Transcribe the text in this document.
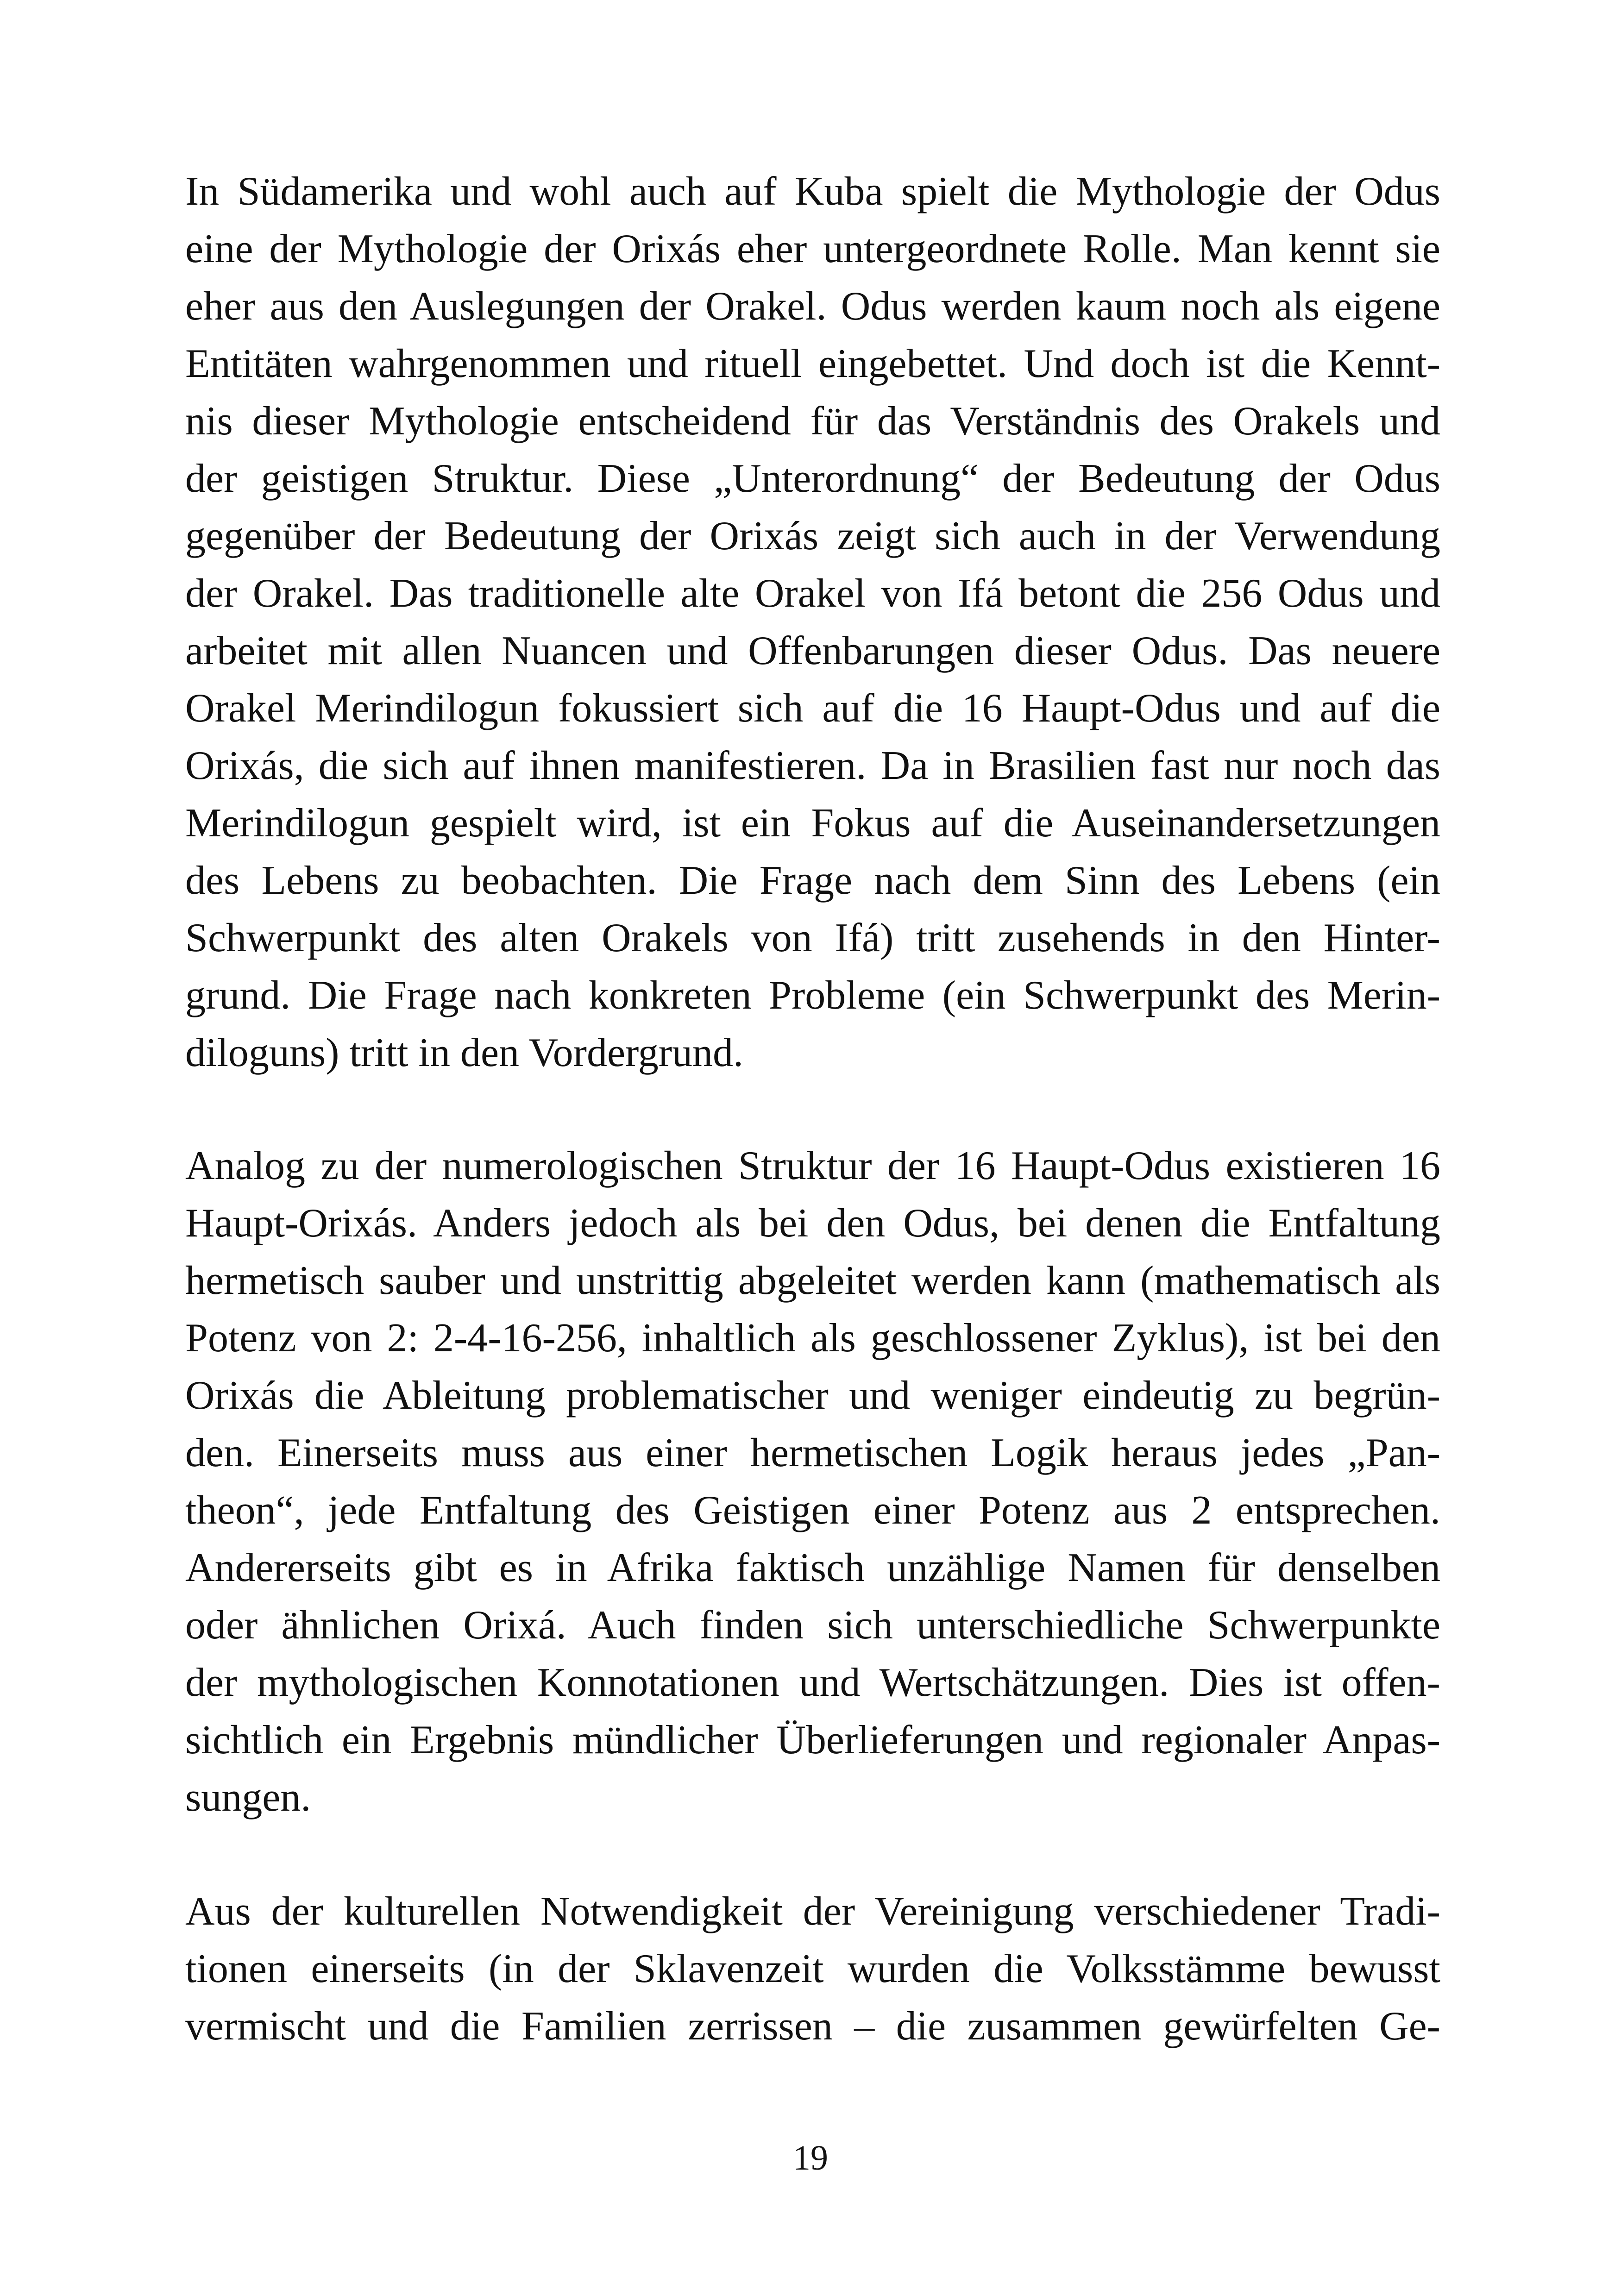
In Südamerika und wohl auch auf Kuba spielt die Mythologie der Odus
eine der Mythologie der Orixás eher untergeordnete Rolle. Man kennt sie
eher aus den Auslegungen der Orakel. Odus werden kaum noch als eigene
Entitäten wahrgenommen und rituell eingebettet. Und doch ist die Kennt-
nis dieser Mythologie entscheidend für das Verständnis des Orakels und
der geistigen Struktur. Diese „Unterordnung“ der Bedeutung der Odus
gegenüber der Bedeutung der Orixás zeigt sich auch in der Verwendung
der Orakel. Das traditionelle alte Orakel von Ifá betont die 256 Odus und
arbeitet mit allen Nuancen und Offenbarungen dieser Odus. Das neuere
Orakel Merindilogun fokussiert sich auf die 16 Haupt-Odus und auf die
Orixás, die sich auf ihnen manifestieren. Da in Brasilien fast nur noch das
Merindilogun gespielt wird, ist ein Fokus auf die Auseinandersetzungen
des Lebens zu beobachten. Die Frage nach dem Sinn des Lebens (ein
Schwerpunkt des alten Orakels von Ifá) tritt zusehends in den Hinter-
grund. Die Frage nach konkreten Probleme (ein Schwerpunkt des Merin-
diloguns) tritt in den Vordergrund.
Analog zu der numerologischen Struktur der 16 Haupt-Odus existieren 16
Haupt-Orixás. Anders jedoch als bei den Odus, bei denen die Entfaltung
hermetisch sauber und unstrittig abgeleitet werden kann (mathematisch als
Potenz von 2: 2-4-16-256, inhaltlich als geschlossener Zyklus), ist bei den
Orixás die Ableitung problematischer und weniger eindeutig zu begrün-
den. Einerseits muss aus einer hermetischen Logik heraus jedes „Pan-
theon“, jede Entfaltung des Geistigen einer Potenz aus 2 entsprechen.
Andererseits gibt es in Afrika faktisch unzählige Namen für denselben
oder ähnlichen Orixá. Auch finden sich unterschiedliche Schwerpunkte
der mythologischen Konnotationen und Wertschätzungen. Dies ist offen-
sichtlich ein Ergebnis mündlicher Überlieferungen und regionaler Anpas-
sungen.
Aus der kulturellen Notwendigkeit der Vereinigung verschiedener Tradi-
tionen einerseits (in der Sklavenzeit wurden die Volksstämme bewusst
vermischt und die Familien zerrissen – die zusammen gewürfelten Ge-
19
